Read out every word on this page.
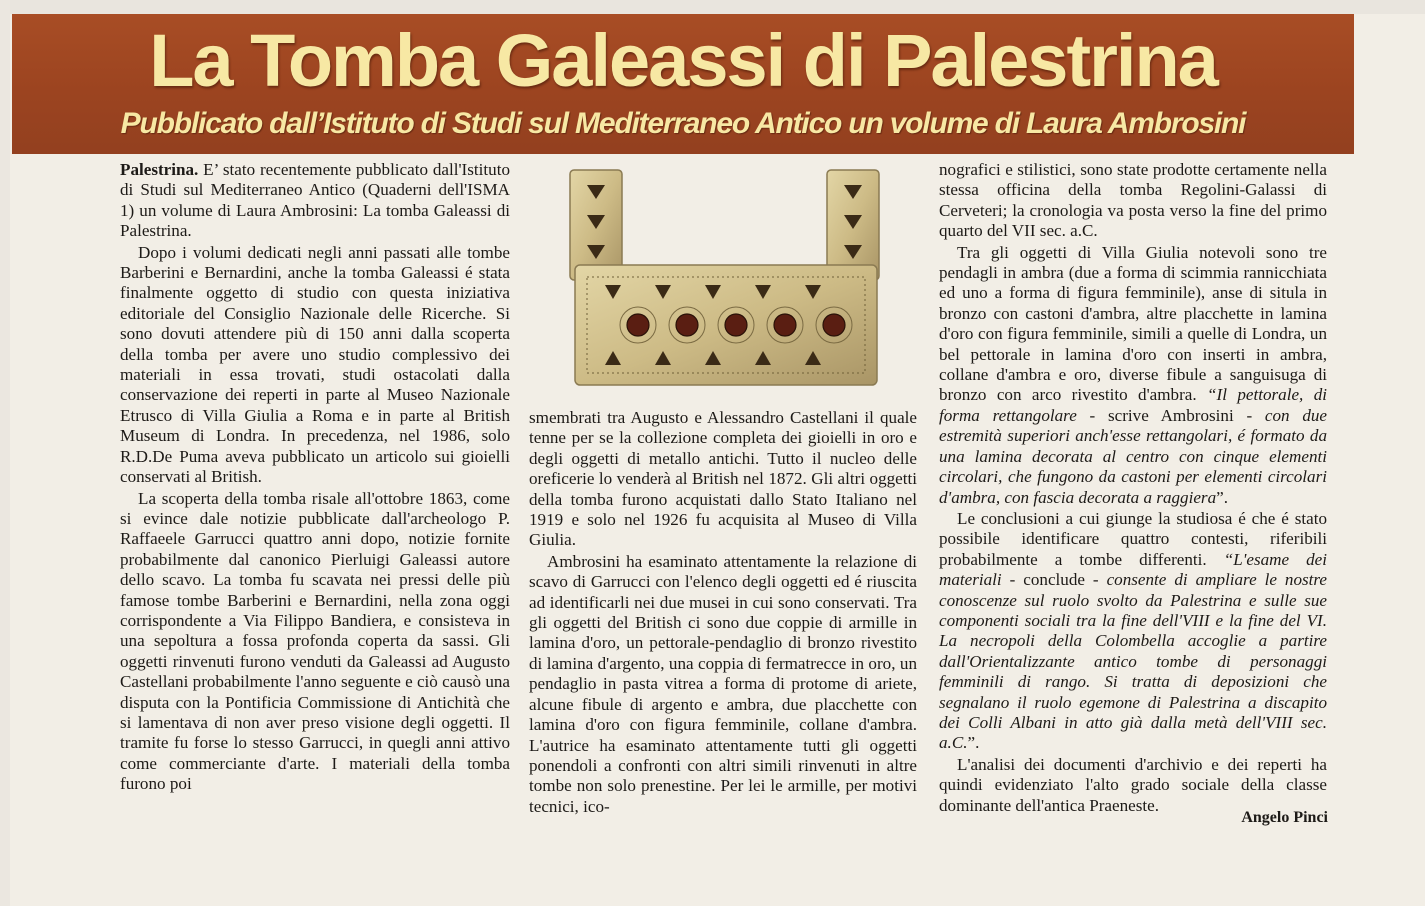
La Tomba Galeassi di Palestrina
Pubblicato dall’Istituto di Studi sul Mediterraneo Antico un volume di Laura Ambrosini

Palestrina. E’ stato recentemente pubblicato dall'Istituto di Studi sul Mediterraneo Antico (Quaderni dell'ISMA 1) un volume di Laura Ambrosini: La tomba Galeassi di Palestrina.

Dopo i volumi dedicati negli anni passati alle tombe Barberini e Bernardini, anche la tomba Galeassi é stata finalmente oggetto di studio con questa iniziativa editoriale del Consiglio Nazionale delle Ricerche. Si sono dovuti attendere più di 150 anni dalla scoperta della tomba per avere uno studio complessivo dei materiali in essa trovati, studi ostacolati dalla conservazione dei reperti in parte al Museo Nazionale Etrusco di Villa Giulia a Roma e in parte al British Museum di Londra. In precedenza, nel 1986, solo R.D.De Puma aveva pubblicato un articolo sui gioielli conservati al British.

La scoperta della tomba risale all'ottobre 1863, come si evince dale notizie pubblicate dall'archeologo P. Raffaeele Garrucci quattro anni dopo, notizie fornite probabilmente dal canonico Pierluigi Galeassi autore dello scavo. La tomba fu scavata nei pressi delle più famose tombe Barberini e Bernardini, nella zona oggi corrispondente a Via Filippo Bandiera, e consisteva in una sepoltura a fossa profonda coperta da sassi. Gli oggetti rinvenuti furono venduti da Galeassi ad Augusto Castellani probabilmente l'anno seguente e ciò causò una disputa con la Pontificia Commissione di Antichità che si lamentava di non aver preso visione degli oggetti. Il tramite fu forse lo stesso Garrucci, in quegli anni attivo come commerciante d'arte. I materiali della tomba furono poi

smembrati tra Augusto e Alessandro Castellani il quale tenne per se la collezione completa dei gioielli in oro e degli oggetti di metallo antichi. Tutto il nucleo delle oreficerie lo venderà al British nel 1872. Gli altri oggetti della tomba furono acquistati dallo Stato Italiano nel 1919 e solo nel 1926 fu acquisita al Museo di Villa Giulia.

Ambrosini ha esaminato attentamente la relazione di scavo di Garrucci con l'elenco degli oggetti ed é riuscita ad identificarli nei due musei in cui sono conservati. Tra gli oggetti del British ci sono due coppie di armille in lamina d'oro, un pettorale-pendaglio di bronzo rivestito di lamina d'argento, una coppia di fermatrecce in oro, un pendaglio in pasta vitrea a forma di protome di ariete, alcune fibule di argento e ambra, due placchette con lamina d'oro con figura femminile, collane d'ambra. L'autrice ha esaminato attentamente tutti gli oggetti ponendoli a confronti con altri simili rinvenuti in altre tombe non solo prenestine. Per lei le armille, per motivi tecnici, ico-

nografici e stilistici, sono state prodotte certamente nella stessa officina della tomba Regolini-Galassi di Cerveteri; la cronologia va posta verso la fine del primo quarto del VII sec. a.C.

Tra gli oggetti di Villa Giulia notevoli sono tre pendagli in ambra (due a forma di scimmia rannicchiata ed uno a forma di figura femminile), anse di situla in bronzo con castoni d'ambra, altre placchette in lamina d'oro con figura femminile, simili a quelle di Londra, un bel pettorale in lamina d'oro con inserti in ambra, collane d'ambra e oro, diverse fibule a sanguisuga di bronzo con arco rivestito d'ambra. “Il pettorale, di forma rettangolare - scrive Ambrosini - con due estremità superiori anch'esse rettangolari, é formato da una lamina decorata al centro con cinque elementi circolari, che fungono da castoni per elementi circolari d'ambra, con fascia decorata a raggiera”.

Le conclusioni a cui giunge la studiosa é che é stato possibile identificare quattro contesti, riferibili probabilmente a tombe differenti. “L'esame dei materiali - conclude - consente di ampliare le nostre conoscenze sul ruolo svolto da Palestrina e sulle sue componenti sociali tra la fine dell'VIII e la fine del VI. La necropoli della Colombella accoglie a partire dall'Orientalizzante antico tombe di personaggi femminili di rango. Si tratta di deposizioni che segnalano il ruolo egemone di Palestrina a discapito dei Colli Albani in atto già dalla metà dell'VIII sec. a.C.”.

L'analisi dei documenti d'archivio e dei reperti ha quindi evidenziato l'alto grado sociale della classe dominante dell'antica Praeneste.

Angelo Pinci
